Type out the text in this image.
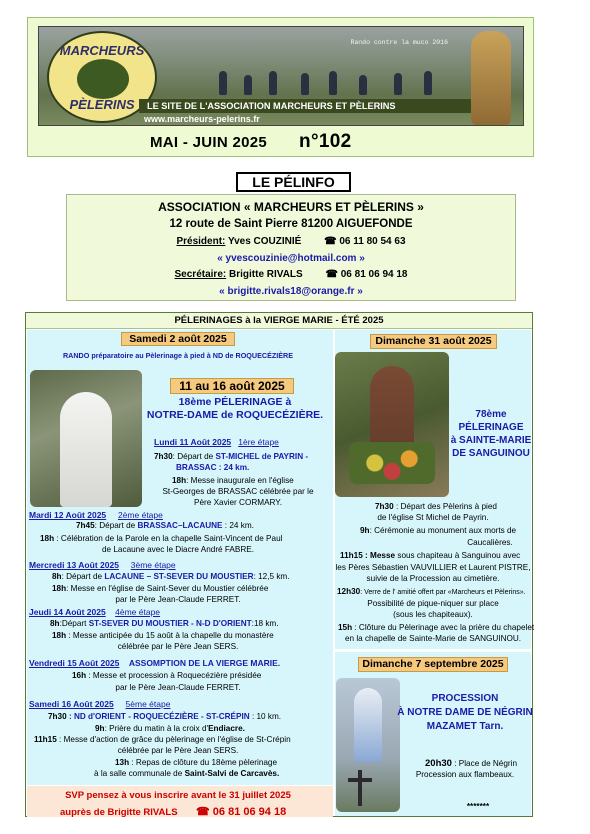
Rando contre la muco 2016
MARCHEURS
PÈLERINS	LE SITE DE L'ASSOCIATION MARCHEURS ET PÈLERINS
www.marcheurs-pelerins.fr
MAI - JUIN 2025 n°102
LE PÉLINFO
ASSOCIATION « MARCHEURS ET PÈLERINS »
12 route de Saint Pierre 81200 AIGUEFONDE
Président: Yves COUZINIÉ ☎ 06 11 80 54 63
« yvescouzinie@hotmail.com »
Secrétaire: Brigitte RIVALS ☎ 06 81 06 94 18
« brigitte.rivals18@orange.fr »
PÉLERINAGES à la VIERGE MARIE - ÉTÉ 2025
Samedi 2 août 2025
RANDO préparatoire au Pèlerinage à pied à ND de ROQUECÉZIÈRE
11 au 16 août 2025
18ème PÉLERINAGE à
NOTRE-DAME de ROQUECÉZIÈRE.
Lundi 11 Août 2025 1ère étape
7h30: Départ de ST-MICHEL de PAYRIN -
BRASSAC : 24 km.
18h: Messe inaugurale en l'église
St-Georges de BRASSAC célébrée par le
Père Xavier CORMARY.
Mardi 12 Août 2025 2ème étape
7h45: Départ de BRASSAC–LACAUNE : 24 km.
18h : Célébration de la Parole en la chapelle Saint-Vincent de Paul
de Lacaune avec le Diacre André FABRE.
Mercredi 13 Août 2025 3ème étape
8h: Départ de LACAUNE – ST-SEVER DU MOUSTIER: 12,5 km.
18h: Messe en l'église de Saint-Sever du Moustier célébrée
par le Père Jean-Claude FERRET.
Jeudi 14 Août 2025 4ème étape
8h:Départ ST-SEVER DU MOUSTIER - N-D D'ORIENT:18 km.
18h : Messe anticipée du 15 août à la chapelle du monastère
célébrée par le Père Jean SERS.
Vendredi 15 Août 2025 ASSOMPTION DE LA VIERGE MARIE.
16h : Messe et procession à Roquecézière présidée
par le Père Jean-Claude FERRET.
Samedi 16 Août 2025 5ème étape
7h30 : ND d'ORIENT - ROQUECÉZIÈRE - ST-CRÉPIN : 10 km.
9h: Prière du matin à la croix d'Endiacre.
11h15 : Messe d'action de grâce du pèlerinage en l'église de St-Crépin
célébrée par le Père Jean SERS.
13h : Repas de clôture du 18ème pèlerinage
à la salle communale de Saint-Salvi de Carcavès.
SVP pensez à vous inscrire avant le 31 juillet 2025
auprès de Brigitte RIVALS ☎ 06 81 06 94 18
Dimanche 31 août 2025
78ème
PÉLERINAGE
à SAINTE-MARIE
DE SANGUINOU
7h30 : Départ des Pèlerins à pied
de l'église St Michel de Payrin.
9h: Cérémonie au monument aux morts de
Caucalières.
11h15 : Messe sous chapiteau à Sanguinou avec
les Pères Sébastien VAUVILLIER et Laurent PISTRE,
suivie de la Procession au cimetière.
12h30: Verre de l' amitié offert par «Marcheurs et Pèlerins».
Possibilité de pique-niquer sur place
(sous les chapiteaux).
15h : Clôture du Pèlerinage avec la prière du chapelet
en la chapelle de Sainte-Marie de SANGUINOU.
Dimanche 7 septembre 2025
PROCESSION
À NOTRE DAME DE NÉGRIN
MAZAMET Tarn.
20h30 : Place de Négrin
Procession aux flambeaux.
*******
